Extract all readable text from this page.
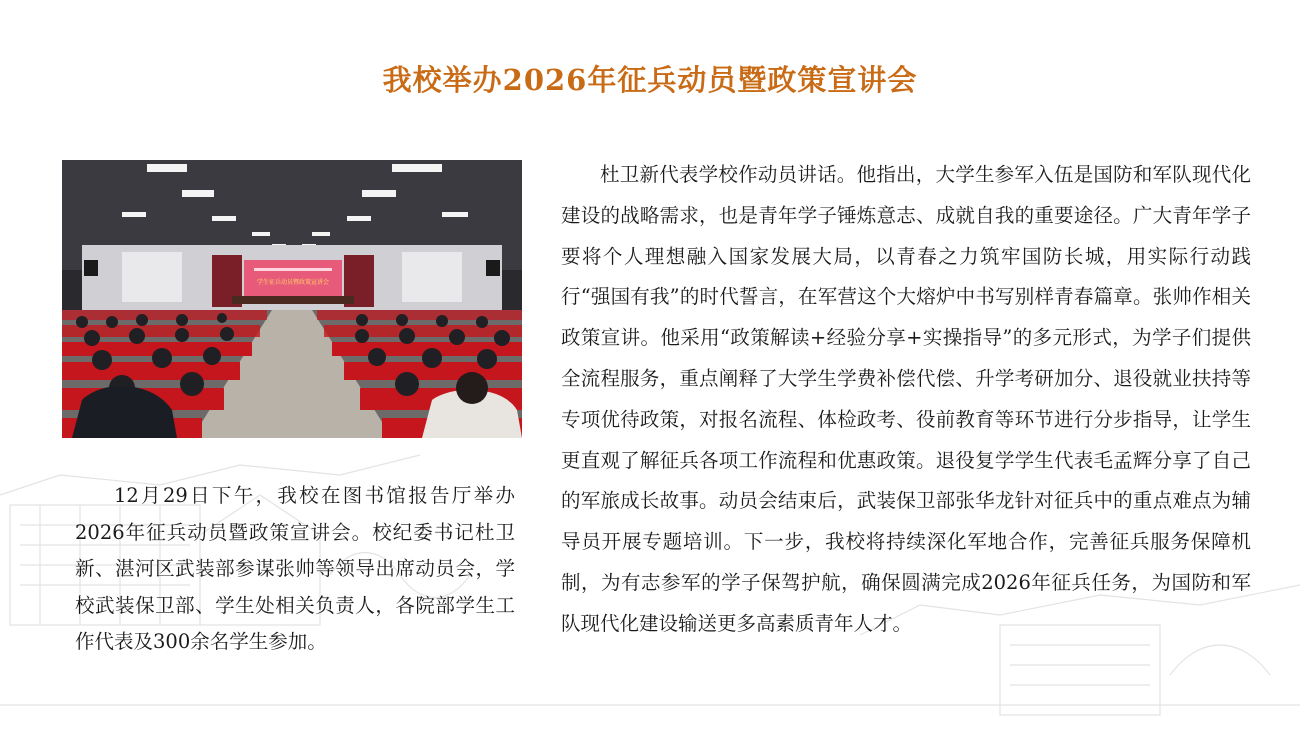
我校举办2026年征兵动员暨政策宣讲会
学生征兵动员暨政策宣讲会
12月29日下午，我校在图书馆报告厅举办2026年征兵动员暨政策宣讲会。校纪委书记杜卫新、湛河区武装部参谋张帅等领导出席动员会，学校武装保卫部、学生处相关负责人，各院部学生工作代表及300余名学生参加。
杜卫新代表学校作动员讲话。他指出，大学生参军入伍是国防和军队现代化建设的战略需求，也是青年学子锤炼意志、成就自我的重要途径。广大青年学子要将个人理想融入国家发展大局，以青春之力筑牢国防长城，用实际行动践行“强国有我”的时代誓言，在军营这个大熔炉中书写别样青春篇章。张帅作相关政策宣讲。他采用“政策解读+经验分享+实操指导”的多元形式，为学子们提供全流程服务，重点阐释了大学生学费补偿代偿、升学考研加分、退役就业扶持等专项优待政策，对报名流程、体检政考、役前教育等环节进行分步指导，让学生更直观了解征兵各项工作流程和优惠政策。退役复学学生代表毛孟辉分享了自己的军旅成长故事。动员会结束后，武装保卫部张华龙针对征兵中的重点难点为辅导员开展专题培训。下一步，我校将持续深化军地合作，完善征兵服务保障机制，为有志参军的学子保驾护航，确保圆满完成2026年征兵任务，为国防和军队现代化建设输送更多高素质青年人才。
